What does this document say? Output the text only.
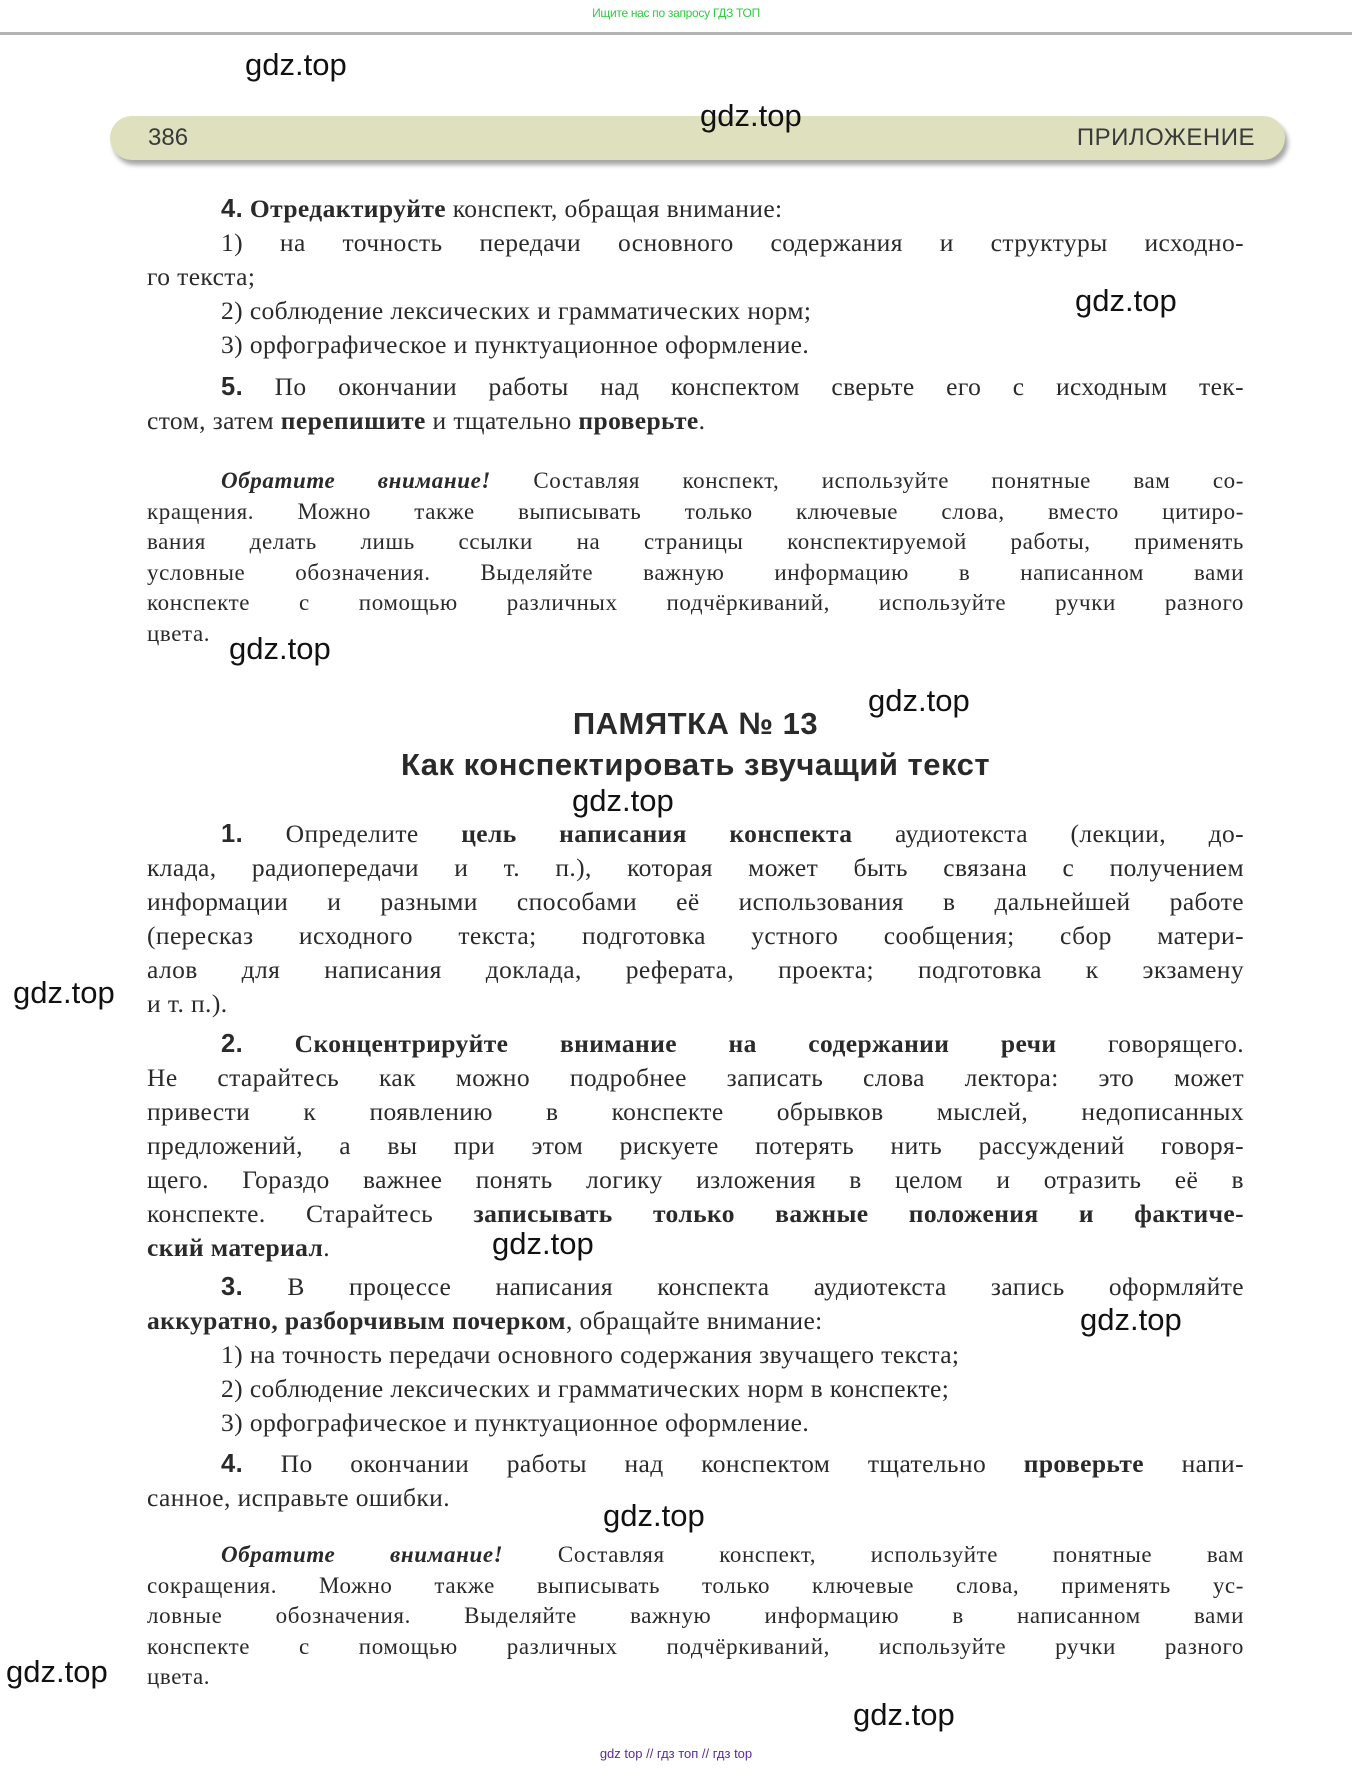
Ищите нас по запросу ГДЗ ТОП
386	ПРИЛОЖЕНИЕ
ПАМЯТКА № 13
Как конспектировать звучащий текст
4. Отредактируйте конспект, обращая внимание:
1) на точность передачи основного содержания и структуры исходно-
го текста;
2) соблюдение лексических и грамматических норм;
3) орфографическое и пунктуационное оформление.
5. По окончании работы над конспектом сверьте его с исходным тек-
стом, затем перепишите и тщательно проверьте.
Обратите внимание! Составляя конспект, используйте понятные вам со-
кращения. Можно также выписывать только ключевые слова, вместо цитиро-
вания делать лишь ссылки на страницы конспектируемой работы, применять
условные обозначения. Выделяйте важную информацию в написанном вами
конспекте с помощью различных подчёркиваний, используйте ручки разного
цвета.
1. Определите цель написания конспекта аудиотекста (лекции, до-
клада, радиопередачи и т. п.), которая может быть связана с получением
информации и разными способами её использования в дальнейшей работе
(пересказ исходного текста; подготовка устного сообщения; сбор матери-
алов для написания доклада, реферата, проекта; подготовка к экзамену
и т. п.).
2. Сконцентрируйте внимание на содержании речи говорящего.
Не старайтесь как можно подробнее записать слова лектора: это может
привести к появлению в конспекте обрывков мыслей, недописанных
предложений, а вы при этом рискуете потерять нить рассуждений говоря-
щего. Гораздо важнее понять логику изложения в целом и отразить её в
конспекте. Старайтесь записывать только важные положения и фактиче-
ский материал.
3. В процессе написания конспекта аудиотекста запись оформляйте
аккуратно, разборчивым почерком, обращайте внимание:
1) на точность передачи основного содержания звучащего текста;
2) соблюдение лексических и грамматических норм в конспекте;
3) орфографическое и пунктуационное оформление.
4. По окончании работы над конспектом тщательно проверьте напи-
санное, исправьте ошибки.
Обратите внимание! Составляя конспект, используйте понятные вам
сокращения. Можно также выписывать только ключевые слова, применять ус-
ловные обозначения. Выделяйте важную информацию в написанном вами
конспекте с помощью различных подчёркиваний, используйте ручки разного
цвета.
gdz.top
gdz.top
gdz.top
gdz.top
gdz.top
gdz.top
gdz.top
gdz.top
gdz.top
gdz.top
gdz.top
gdz.top
gdz top // гдз топ // гдз top
